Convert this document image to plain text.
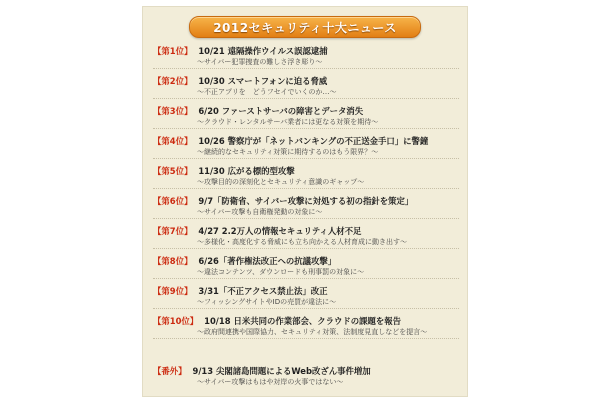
2012セキュリティ十大ニュース
【第1位】 10/21 遠隔操作ウイルス誤認逮捕
～サイバー犯罪捜査の難しさ浮き彫り～
【第2位】 10/30 スマートフォンに迫る脅威
～不正アプリを　どうフセイでいくのか…～
【第3位】 6/20 ファーストサーバの障害とデータ消失
～クラウド・レンタルサーバ業者には更なる対策を期待～
【第4位】 10/26 警察庁が「ネットバンキングの不正送金手口」に警鐘
～継続的なセキュリティ対策に期待するのはもう限界？～
【第5位】 11/30 広がる標的型攻撃
～攻撃目的の深刻化とセキュリティ意識のギャップ～
【第6位】 9/7「防衛省、サイバー攻撃に対処する初の指針を策定」
～サイバー攻撃も自衛権発動の対象に～
【第7位】 4/27 2.2万人の情報セキュリティ人材不足
～多様化・高度化する脅威にも立ち向かえる人材育成に動き出す～
【第8位】 6/26「著作権法改正への抗議攻撃」
～違法コンテンツ、ダウンロードも刑事罰の対象に～
【第9位】 3/31「不正アクセス禁止法」改正
～フィッシングサイトやIDの売買が違法に～
【第10位】 10/18 日米共同の作業部会、クラウドの課題を報告
～政府間連携や国際協力、セキュリティ対策、法制度見直しなどを提言～
【番外】 9/13 尖閣諸島問題によるWeb改ざん事件増加
～サイバー攻撃はもはや対岸の火事ではない～
